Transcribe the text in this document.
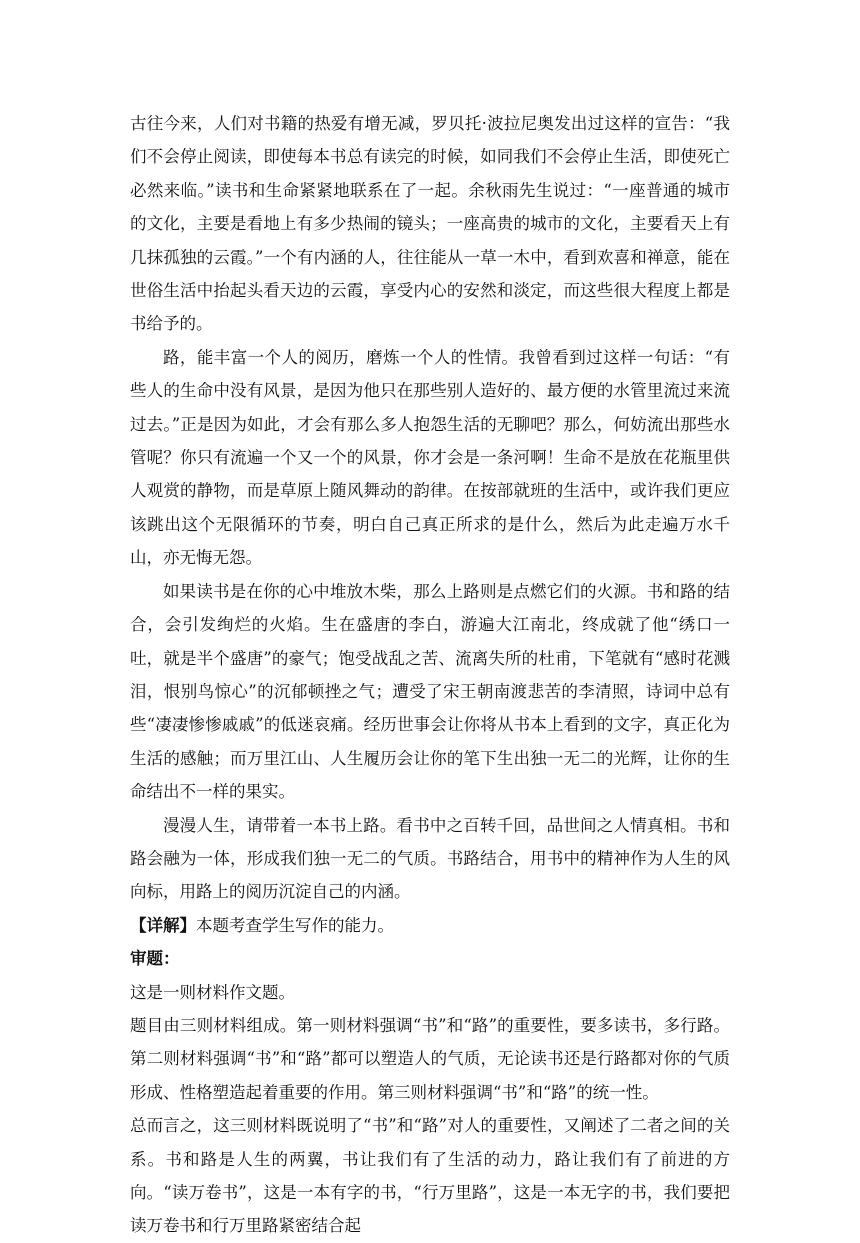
古往今来，人们对书籍的热爱有增无减，罗贝托·波拉尼奥发出过这样的宣告：“我们不会停止阅读，即使每本书总有读完的时候，如同我们不会停止生活，即使死亡必然来临。”读书和生命紧紧地联系在了一起。余秋雨先生说过：“一座普通的城市的文化，主要是看地上有多少热闹的镜头；一座高贵的城市的文化，主要看天上有几抹孤独的云霞。”一个有内涵的人，往往能从一草一木中，看到欢喜和禅意，能在世俗生活中抬起头看天边的云霞，享受内心的安然和淡定，而这些很大程度上都是书给予的。

路，能丰富一个人的阅历，磨炼一个人的性情。我曾看到过这样一句话：“有些人的生命中没有风景，是因为他只在那些别人造好的、最方便的水管里流过来流过去。”正是因为如此，才会有那么多人抱怨生活的无聊吧？那么，何妨流出那些水管呢？你只有流遍一个又一个的风景，你才会是一条河啊！生命不是放在花瓶里供人观赏的静物，而是草原上随风舞动的韵律。在按部就班的生活中，或许我们更应该跳出这个无限循环的节奏，明白自己真正所求的是什么，然后为此走遍万水千山，亦无悔无怨。

如果读书是在你的心中堆放木柴，那么上路则是点燃它们的火源。书和路的结合，会引发绚烂的火焰。生在盛唐的李白，游遍大江南北，终成就了他“绣口一吐，就是半个盛唐”的豪气；饱受战乱之苦、流离失所的杜甫，下笔就有“感时花溅泪，恨别鸟惊心”的沉郁顿挫之气；遭受了宋王朝南渡悲苦的李清照，诗词中总有些“凄凄惨惨戚戚”的低迷哀痛。经历世事会让你将从书本上看到的文字，真正化为生活的感触；而万里江山、人生履历会让你的笔下生出独一无二的光辉，让你的生命结出不一样的果实。

漫漫人生，请带着一本书上路。看书中之百转千回，品世间之人情真相。书和路会融为一体，形成我们独一无二的气质。书路结合，用书中的精神作为人生的风向标，用路上的阅历沉淀自己的内涵。

【详解】本题考查学生写作的能力。

审题：

这是一则材料作文题。

题目由三则材料组成。第一则材料强调“书”和“路”的重要性，要多读书，多行路。第二则材料强调“书”和“路”都可以塑造人的气质，无论读书还是行路都对你的气质形成、性格塑造起着重要的作用。第三则材料强调“书”和“路”的统一性。

总而言之，这三则材料既说明了“书”和“路”对人的重要性，又阐述了二者之间的关系。书和路是人生的两翼，书让我们有了生活的动力，路让我们有了前进的方向。“读万卷书”，这是一本有字的书，“行万里路”，这是一本无字的书，我们要把读万卷书和行万里路紧密结合起
